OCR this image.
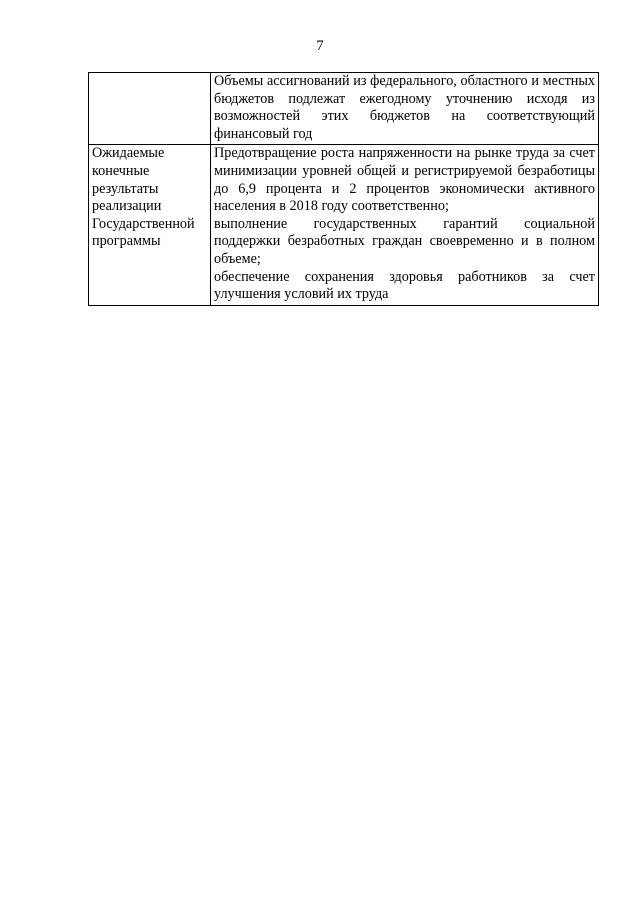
7

	Объемы ассигнований из федерального, областного и местных бюджетов подлежат ежегодному уточнению исходя из возможностей этих бюджетов на соответствующий финансовый год

Ожидаемые конечные результаты реализации Государственной программы	Предотвращение роста напряженности на рынке труда за счет минимизации уровней общей и регистрируемой безработицы до 6,9 процента и 2 процентов экономически активного населения в 2018 году соответственно;

выполнение государственных гарантий социальной поддержки безработных граждан своевременно и в полном объеме;

обеспечение сохранения здоровья работников за счет улучшения условий их труда
